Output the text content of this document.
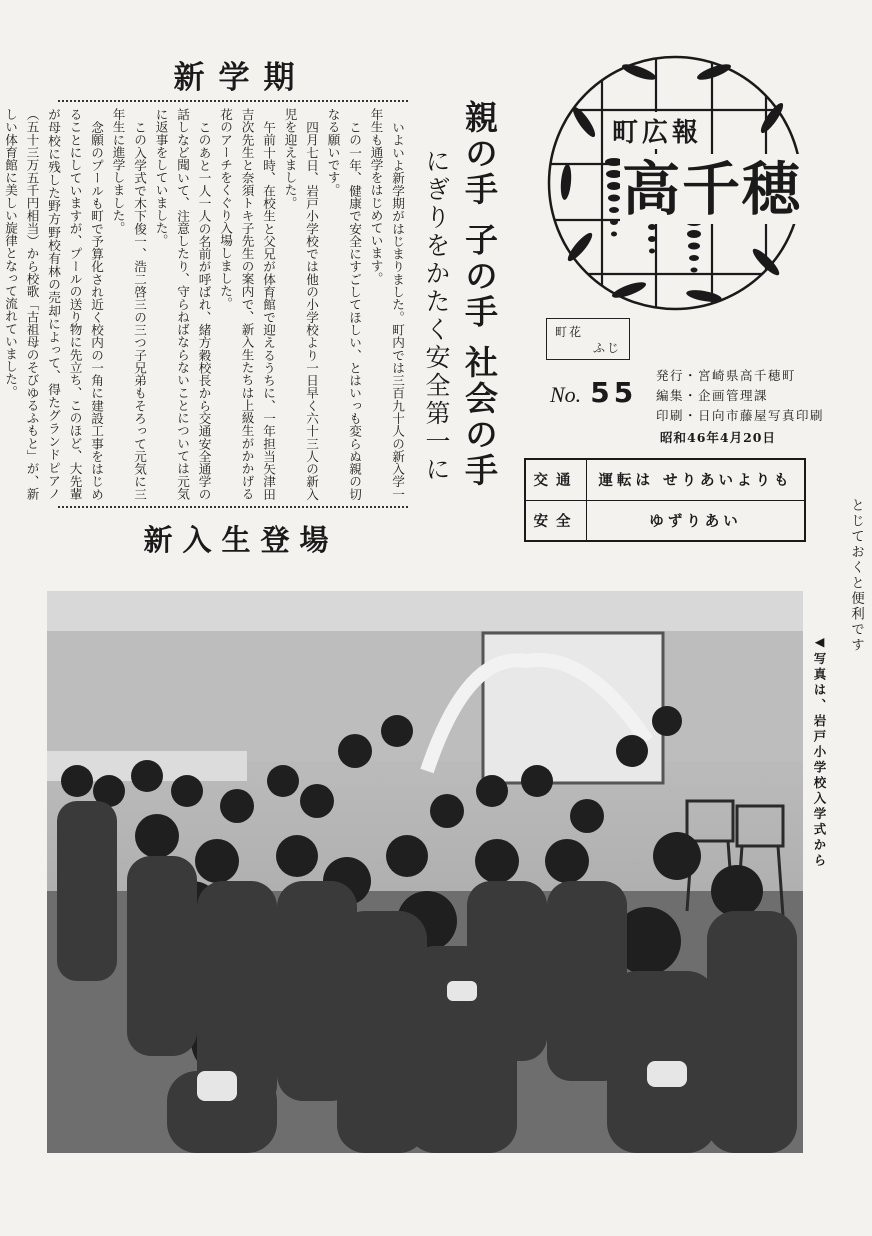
新学期

いよいよ新学期がはじまりました。町内では三百九十人の新入学一年生も通学をはじめています。

この一年、健康で安全にすごしてほしい、とはいっも変らぬ親の切なる願いです。

四月七日、岩戸小学校では他の小学校より一日早く六十三人の新入児を迎えました。

午前十時、在校生と父兄が体育館で迎えるうちに、一年担当矢津田吉次先生と奈須トキ子先生の案内で、新入生たちは上級生がかかげる花のアーチをくぐり入場しました。

このあと一人一人の名前が呼ばれ、緒方穀校長から交通安全通学の話しなど聞いて、注意したり、守らねばならないことについては元気に返事をしていました。

この入学式で木下俊一、浩二啓三の三つ子兄弟もそろって元気に三年生に進学しました。

念願のプールも町で予算化され近く校内の一角に建設工事をはじめることにしていますが、プールの送り物に先立ち、このほど、大先輩が母校に残した野方野校有林の売却によって、得たグランドピアノ（五十三万五千円相当）から校歌「古祖母のそびゆるふもと」が、新しい体育館に美しい旋律となって流れていました。

新入生登場
親の手 子の手 社会の手
にぎりをかたく安全第一に
町広報
高千穂
町花
ふじ
No. 55
発行・宮崎県高千穂町
編集・企画管理課
印刷・日向市藤屋写真印刷
昭和46年4月20日
交通	運転は せりあいよりも
安全	ゆずりあい	とじておくと便利です
◀写真は、岩戸小学校入学式から
